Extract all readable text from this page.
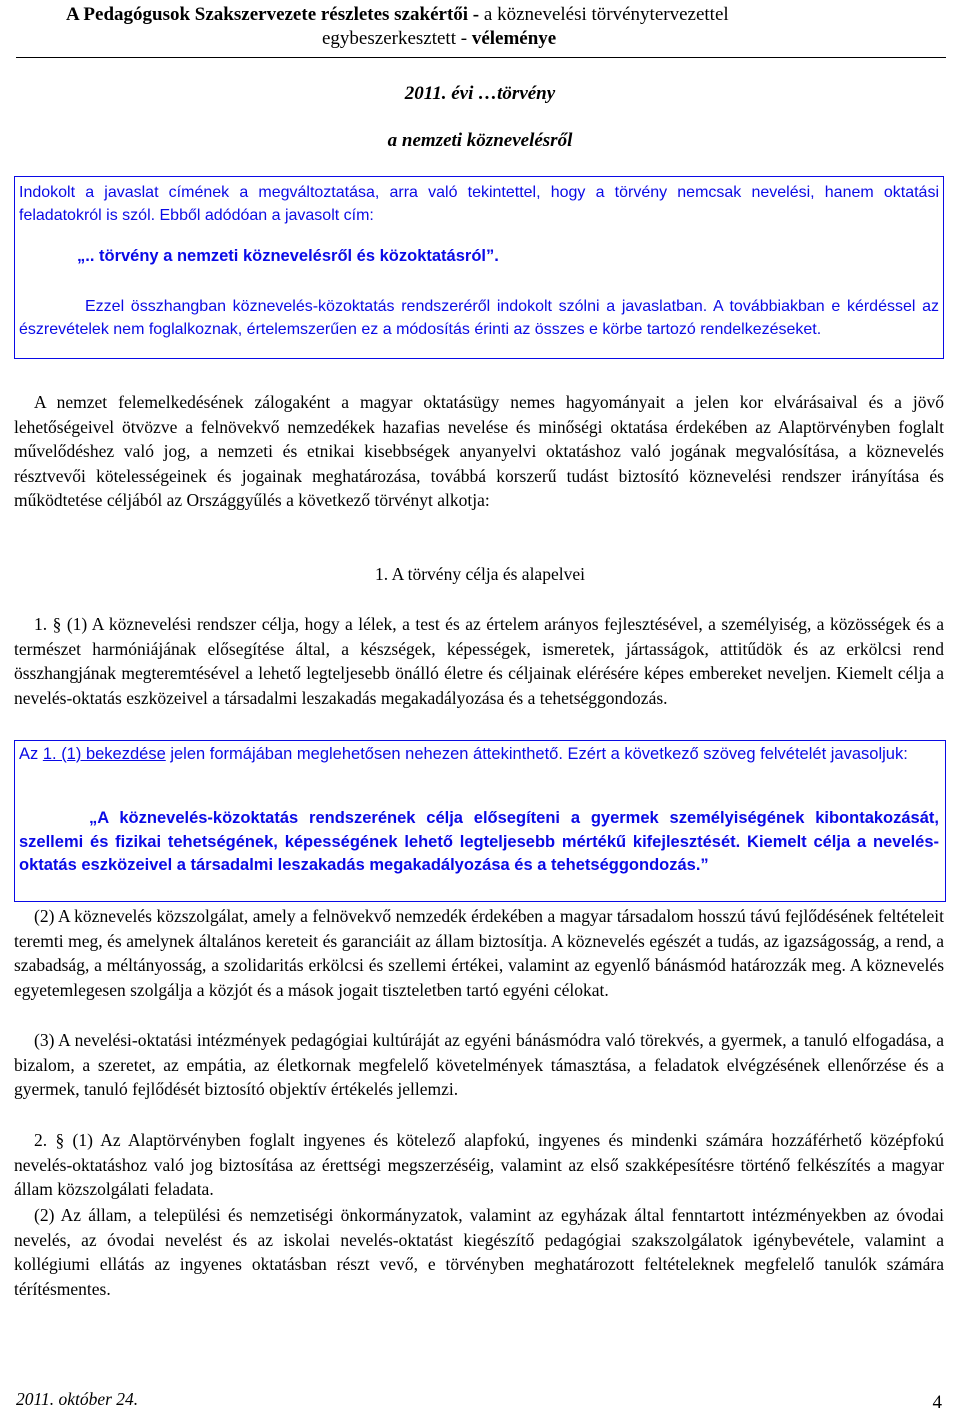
A Pedagógusok Szakszervezete részletes szakértői - a köznevelési törvénytervezettel
egybeszerkesztett - véleménye
2011. évi …törvény
a nemzeti köznevelésről
Indokolt a javaslat címének a megváltoztatása, arra való tekintettel, hogy a törvény nemcsak nevelési, hanem oktatási feladatokról is szól. Ebből adódóan a javasolt cím:
„.. törvény a nemzeti köznevelésről és közoktatásról”.
Ezzel összhangban köznevelés-közoktatás rendszeréről indokolt szólni a javaslatban. A továbbiakban e kérdéssel az észrevételek nem foglalkoznak, értelemszerűen ez a módosítás érinti az összes e körbe tartozó rendelkezéseket.
A nemzet felemelkedésének zálogaként a magyar oktatásügy nemes hagyományait a jelen kor elvárásaival és a jövő lehetőségeivel ötvözve a felnövekvő nemzedékek hazafias nevelése és minőségi oktatása érdekében az Alaptörvényben foglalt művelődéshez való jog, a nemzeti és etnikai kisebbségek anyanyelvi oktatáshoz való jogának megvalósítása, a köznevelés résztvevői kötelességeinek és jogainak meghatározása, továbbá korszerű tudást biztosító köznevelési rendszer irányítása és működtetése céljából az Országgyűlés a következő törvényt alkotja:
1. A törvény célja és alapelvei
1. § (1) A köznevelési rendszer célja, hogy a lélek, a test és az értelem arányos fejlesztésével, a személyiség, a közösségek és a természet harmóniájának elősegítése által, a készségek, képességek, ismeretek, jártasságok, attitűdök és az erkölcsi rend összhangjának megteremtésével a lehető legteljesebb önálló életre és céljainak elérésére képes embereket neveljen. Kiemelt célja a nevelés-oktatás eszközeivel a társadalmi leszakadás megakadályozása és a tehetséggondozás.
Az 1. (1) bekezdése jelen formájában meglehetősen nehezen áttekinthető. Ezért a következő szöveg felvételét javasoljuk:
„A köznevelés-közoktatás rendszerének célja elősegíteni a gyermek személyiségének kibontakozását, szellemi és fizikai tehetségének, képességének lehető legteljesebb mértékű kifejlesztését. Kiemelt célja a nevelés-oktatás eszközeivel a társadalmi leszakadás megakadályozása és a tehetséggondozás.”
(2) A köznevelés közszolgálat, amely a felnövekvő nemzedék érdekében a magyar társadalom hosszú távú fejlődésének feltételeit teremti meg, és amelynek általános kereteit és garanciáit az állam biztosítja. A köznevelés egészét a tudás, az igazságosság, a rend, a szabadság, a méltányosság, a szolidaritás erkölcsi és szellemi értékei, valamint az egyenlő bánásmód határozzák meg. A köznevelés egyetemlegesen szolgálja a közjót és a mások jogait tiszteletben tartó egyéni célokat.
(3) A nevelési-oktatási intézmények pedagógiai kultúráját az egyéni bánásmódra való törekvés, a gyermek, a tanuló elfogadása, a bizalom, a szeretet, az empátia, az életkornak megfelelő követelmények támasztása, a feladatok elvégzésének ellenőrzése és a gyermek, tanuló fejlődését biztosító objektív értékelés jellemzi.
2. § (1) Az Alaptörvényben foglalt ingyenes és kötelező alapfokú, ingyenes és mindenki számára hozzáférhető középfokú nevelés-oktatáshoz való jog biztosítása az érettségi megszerzéséig, valamint az első szakképesítésre történő felkészítés a magyar állam közszolgálati feladata.
(2) Az állam, a települési és nemzetiségi önkormányzatok, valamint az egyházak által fenntartott intézményekben az óvodai nevelés, az óvodai nevelést és az iskolai nevelés-oktatást kiegészítő pedagógiai szakszolgálatok igénybevétele, valamint a kollégiumi ellátás az ingyenes oktatásban részt vevő, e törvényben meghatározott feltételeknek megfelelő tanulók számára térítésmentes.
2011. október 24.	4
